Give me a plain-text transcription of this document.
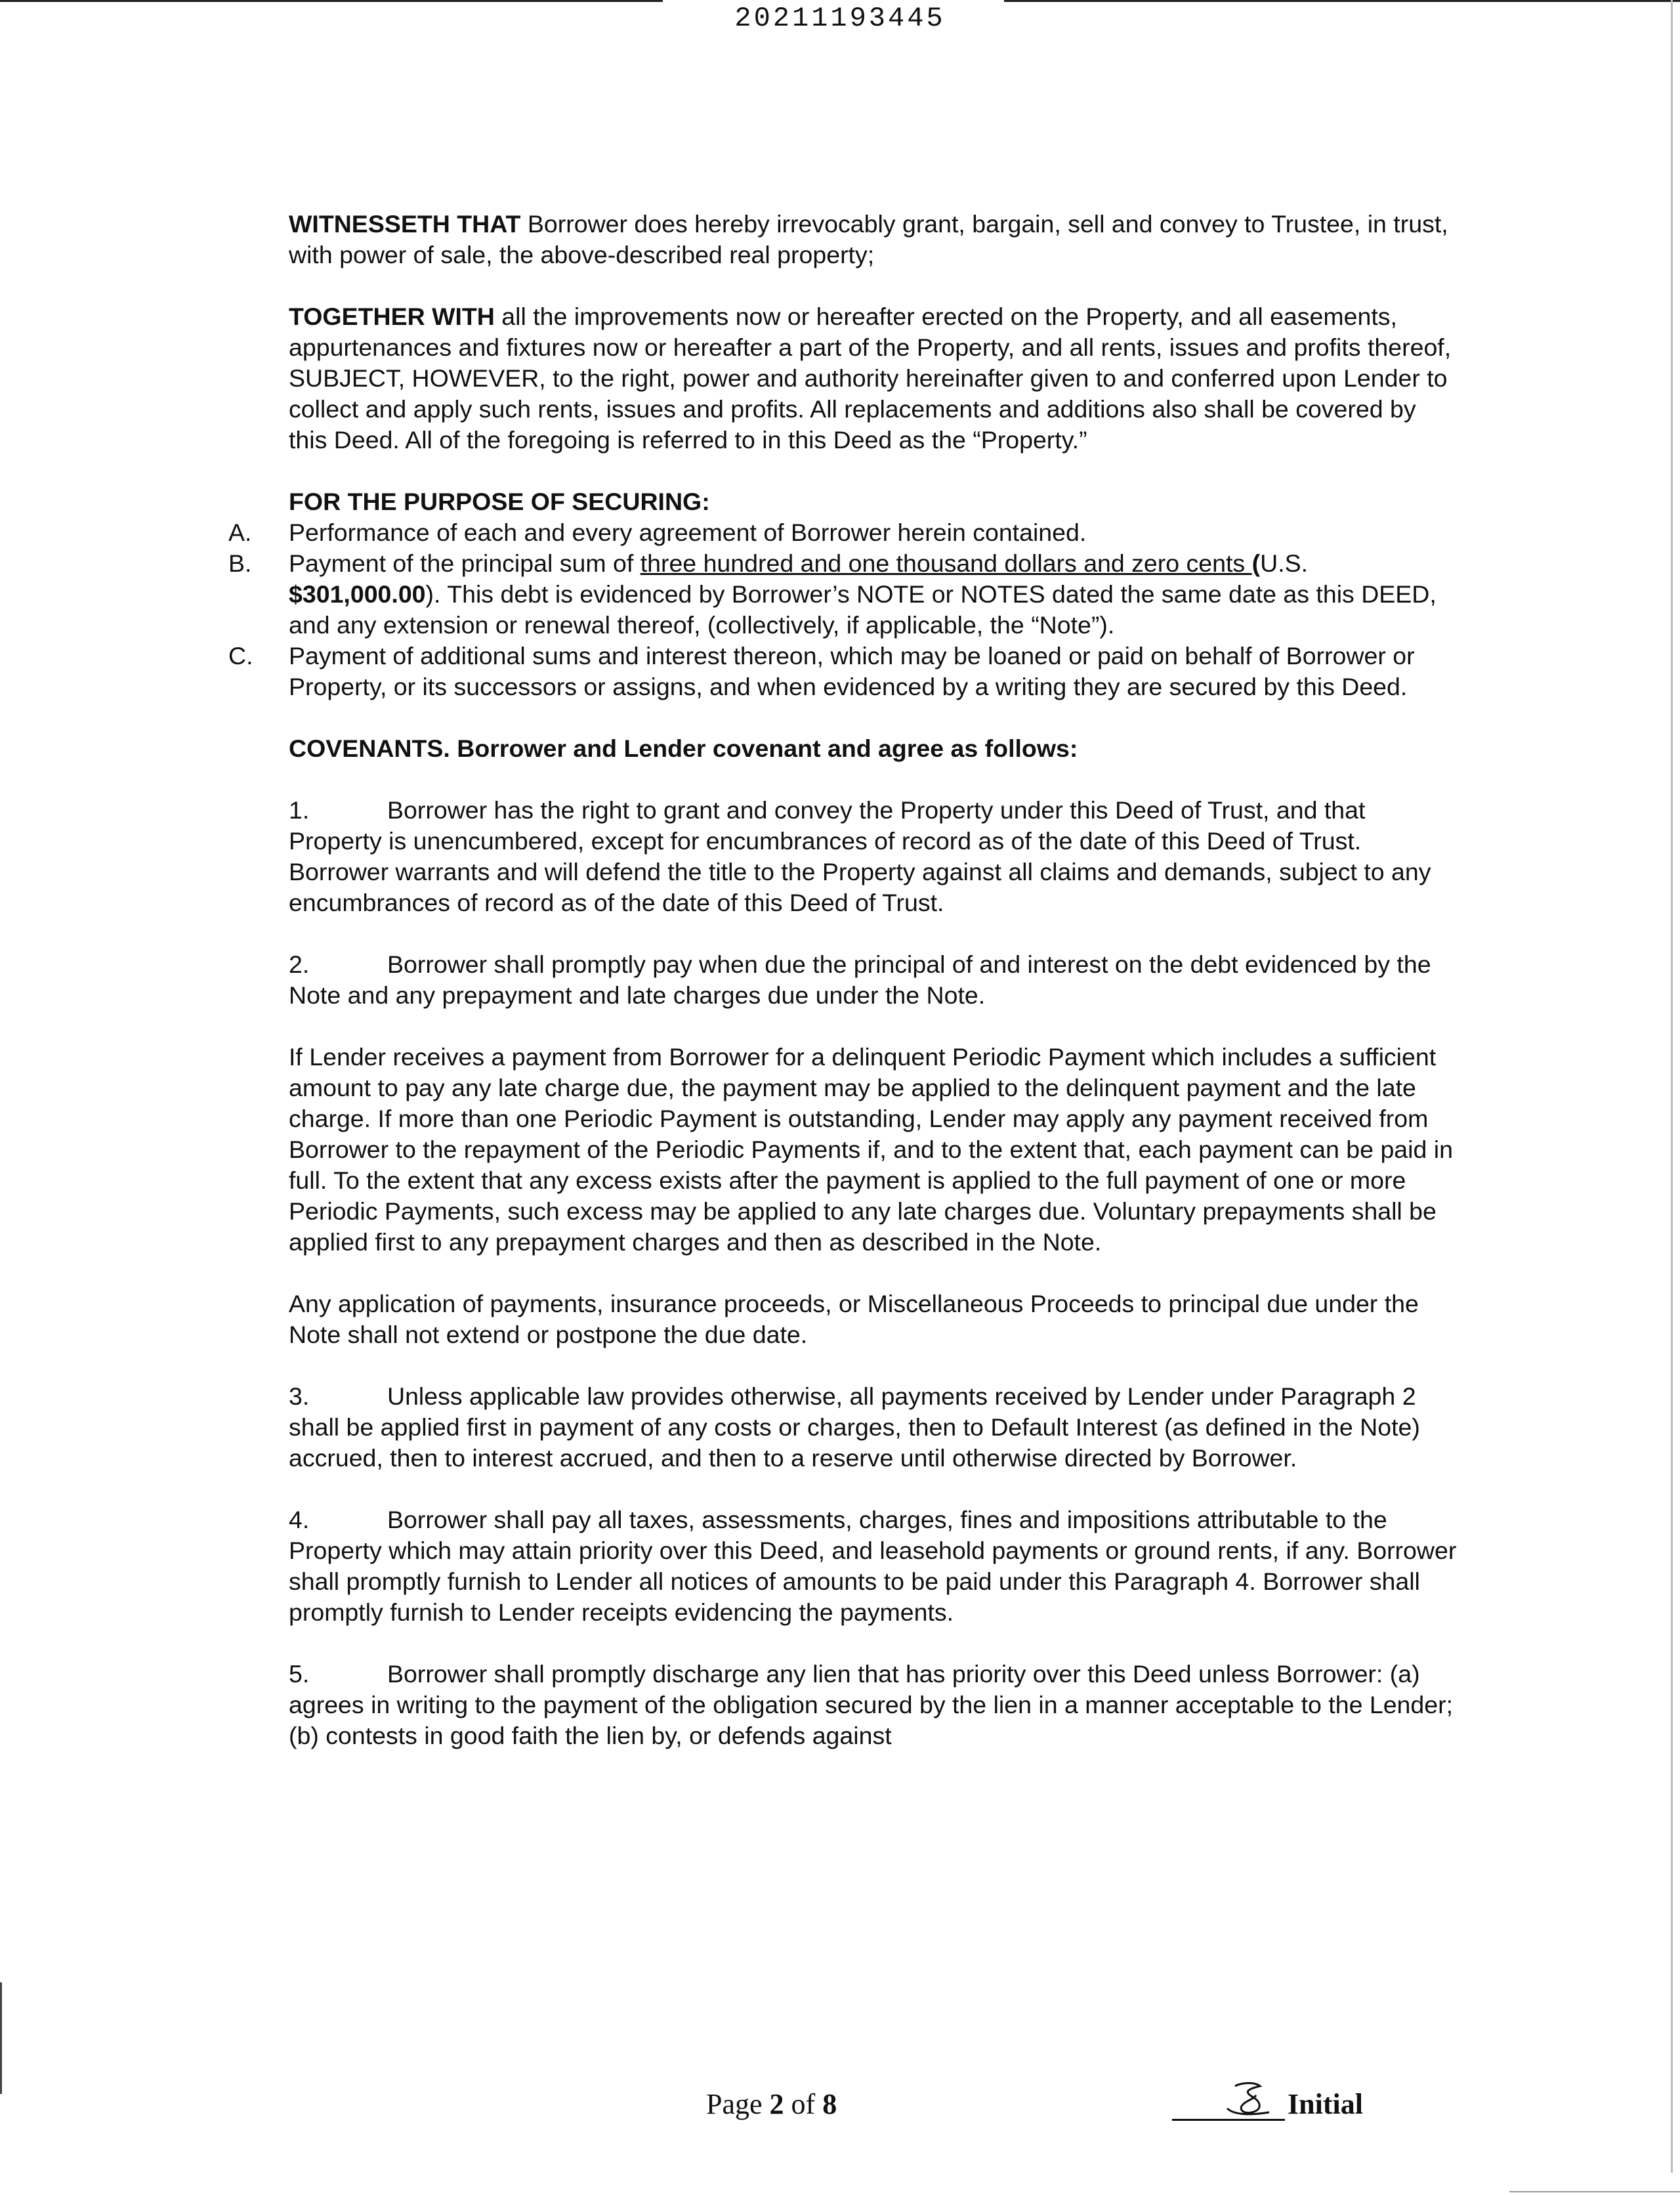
20211193445

WITNESSETH THAT Borrower does hereby irrevocably grant, bargain, sell and convey to Trustee, in trust, with power of sale, the above-described real property;

TOGETHER WITH all the improvements now or hereafter erected on the Property, and all easements, appurtenances and fixtures now or hereafter a part of the Property, and all rents, issues and profits thereof, SUBJECT, HOWEVER, to the right, power and authority hereinafter given to and conferred upon Lender to collect and apply such rents, issues and profits. All replacements and additions also shall be covered by this Deed. All of the foregoing is referred to in this Deed as the “Property.”

FOR THE PURPOSE OF SECURING:

A. Performance of each and every agreement of Borrower herein contained.

B. Payment of the principal sum of three hundred and one thousand dollars and zero cents (U.S. $301,000.00). This debt is evidenced by Borrower’s NOTE or NOTES dated the same date as this DEED, and any extension or renewal thereof, (collectively, if applicable, the “Note”).

C. Payment of additional sums and interest thereon, which may be loaned or paid on behalf of Borrower or Property, or its successors or assigns, and when evidenced by a writing they are secured by this Deed.

COVENANTS. Borrower and Lender covenant and agree as follows:

1.	Borrower has the right to grant and convey the Property under this Deed of Trust, and that Property is unencumbered, except for encumbrances of record as of the date of this Deed of Trust. Borrower warrants and will defend the title to the Property against all claims and demands, subject to any encumbrances of record as of the date of this Deed of Trust.

2.	Borrower shall promptly pay when due the principal of and interest on the debt evidenced by the Note and any prepayment and late charges due under the Note.

If Lender receives a payment from Borrower for a delinquent Periodic Payment which includes a sufficient amount to pay any late charge due, the payment may be applied to the delinquent payment and the late charge. If more than one Periodic Payment is outstanding, Lender may apply any payment received from Borrower to the repayment of the Periodic Payments if, and to the extent that, each payment can be paid in full. To the extent that any excess exists after the payment is applied to the full payment of one or more Periodic Payments, such excess may be applied to any late charges due. Voluntary prepayments shall be applied first to any prepayment charges and then as described in the Note.

Any application of payments, insurance proceeds, or Miscellaneous Proceeds to principal due under the Note shall not extend or postpone the due date.

3.	Unless applicable law provides otherwise, all payments received by Lender under Paragraph 2 shall be applied first in payment of any costs or charges, then to Default Interest (as defined in the Note) accrued, then to interest accrued, and then to a reserve until otherwise directed by Borrower.

4.	Borrower shall pay all taxes, assessments, charges, fines and impositions attributable to the Property which may attain priority over this Deed, and leasehold payments or ground rents, if any. Borrower shall promptly furnish to Lender all notices of amounts to be paid under this Paragraph 4. Borrower shall promptly furnish to Lender receipts evidencing the payments.

5.	Borrower shall promptly discharge any lien that has priority over this Deed unless Borrower: (a) agrees in writing to the payment of the obligation secured by the lien in a manner acceptable to the Lender; (b) contests in good faith the lien by, or defends against

Page 2 of 8	Initial
